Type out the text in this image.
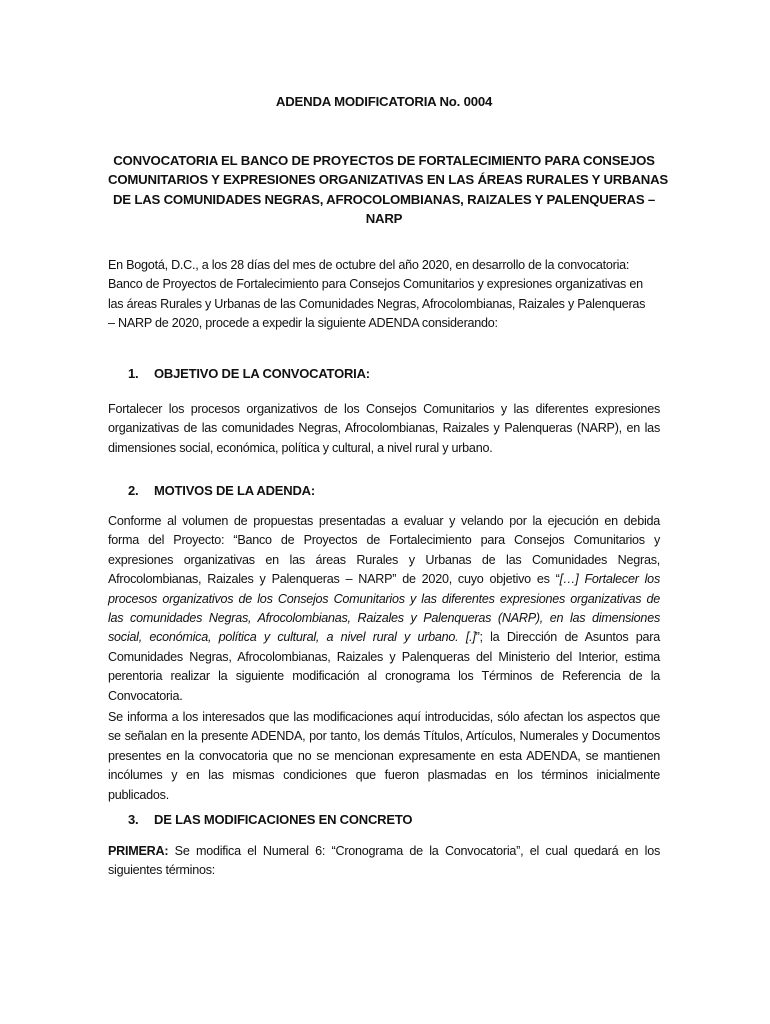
ADENDA MODIFICATORIA No. 0004
CONVOCATORIA EL BANCO DE PROYECTOS DE FORTALECIMIENTO PARA CONSEJOS
COMUNITARIOS Y EXPRESIONES ORGANIZATIVAS EN LAS ÁREAS RURALES Y URBANAS
DE LAS COMUNIDADES NEGRAS, AFROCOLOMBIANAS, RAIZALES Y PALENQUERAS –
NARP
En Bogotá, D.C., a los 28 días del mes de octubre del año 2020, en desarrollo de la convocatoria:
Banco de Proyectos de Fortalecimiento para Consejos Comunitarios y expresiones organizativas en
las áreas Rurales y Urbanas de las Comunidades Negras, Afrocolombianas, Raizales y Palenqueras
– NARP de 2020, procede a expedir la siguiente ADENDA considerando:
1. OBJETIVO DE LA CONVOCATORIA:
Fortalecer los procesos organizativos de los Consejos Comunitarios y las diferentes expresiones
organizativas de las comunidades Negras, Afrocolombianas, Raizales y Palenqueras (NARP), en las
dimensiones social, económica, política y cultural, a nivel rural y urbano.
2. MOTIVOS DE LA ADENDA:
Conforme al volumen de propuestas presentadas a evaluar y velando por la ejecución en debida
forma del Proyecto: “Banco de Proyectos de Fortalecimiento para Consejos Comunitarios y
expresiones organizativas en las áreas Rurales y Urbanas de las Comunidades Negras,
Afrocolombianas, Raizales y Palenqueras – NARP” de 2020, cuyo objetivo es “[…] Fortalecer los
procesos organizativos de los Consejos Comunitarios y las diferentes expresiones organizativas de
las comunidades Negras, Afrocolombianas, Raizales y Palenqueras (NARP), en las dimensiones
social, económica, política y cultural, a nivel rural y urbano. [.]”; la Dirección de Asuntos para
Comunidades Negras, Afrocolombianas, Raizales y Palenqueras del Ministerio del Interior, estima
perentoria realizar la siguiente modificación al cronograma los Términos de Referencia de la
Convocatoria.
Se informa a los interesados que las modificaciones aquí introducidas, sólo afectan los aspectos que
se señalan en la presente ADENDA, por tanto, los demás Títulos, Artículos, Numerales y Documentos
presentes en la convocatoria que no se mencionan expresamente en esta ADENDA, se mantienen
incólumes y en las mismas condiciones que fueron plasmadas en los términos inicialmente
publicados.
3. DE LAS MODIFICACIONES EN CONCRETO
PRIMERA: Se modifica el Numeral 6: “Cronograma de la Convocatoria”, el cual quedará en los
siguientes términos:
